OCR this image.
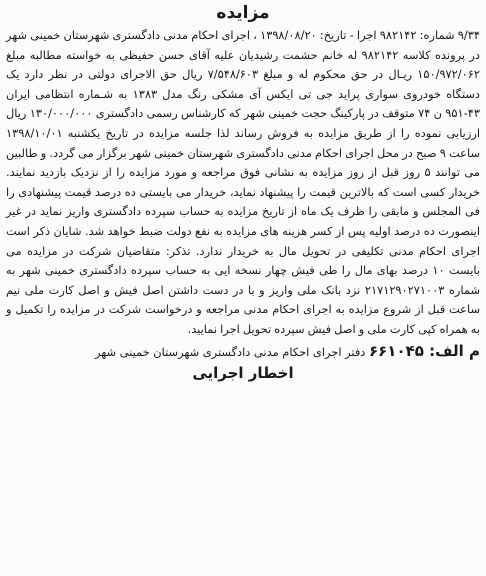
مزایده

۹/۳۴ شماره: ۹۸۲۱۴۲ اجرا - تاریخ: ۱۳۹۸/۰۸/۲۰ ، اجرای احکام مدنی دادگستری شهرستان خمینی شهر در پرونده کلاسه ۹۸۲۱۴۲ له خانم حشمت رشیدیان علیه آقای حسن حفیظی به خواسته مطالبه مبلغ ۱۵۰/۹۷۲/۰۶۲ ریـال در حق محکوم له و مبلغ ۷/۵۴۸/۶۰۳ ریال حق الاجرای دولتی در نظر دارد یک دستگاه خودروی سواری پراید جی تی ایکس آی مشکی رنگ مدل ۱۳۸۳ به شـماره انتظامی ایران ۴۳-۹۵۱ ن ۷۴ متوقف در پارکینگ حجت خمینی شهر که کارشناس رسمی دادگستری ۱۳۰/۰۰۰/۰۰۰ ریال ارزیابی نموده را از طریق مزایده به فروش رساند لذا جلسه مزایده در تاریخ یکشنبه ۱۳۹۸/۱۰/۰۱ ساعت ۹ صبح در محل اجرای احکام مدنی دادگستری شهرستان خمینی شهر برگزار می گردد. و طالبین می توانند ۵ روز قبل از روز مزایده به نشانی فوق مراجعه و مورد مزایده را از نزدیک بازدید نمایند. خریدار کسی است که بالاترین قیمت را پیشنهاد نماید، خریدار می بایستی ده درصد قیمت پیشنهادی را فی المجلس و مابقی را ظرف یک ماه از تاریخ مزایده به حساب سپرده دادگستری واریز نماید در غیر اینصورت ده درصد اولیه پس از کسر هزینه های مزایده به نفع دولت ضبط خواهد شد. شایان ذکر است اجرای احکام مدنی تکلیفی در تحویل مال به خریدار ندارد. تذکر: متقاضیان شرکت در مزایده می بایست ۱۰ درصد بهای مال را طی فیش چهار نسخه ایی به حساب سپرده دادگستری خمینی شهر به شماره ۲۱۷۱۲۹۰۲۷۱۰۰۳ نزد بانک ملی واریز و با در دست داشتن اصل فیش و اصل کارت ملی نیم ساعت قبل از شروع مزایده به اجرای احکام مدنی مراجعه و درخواست شرکت در مزایده را تکمیل و به همراه کپی کارت ملی و اصل فیش سپرده تحویل اجرا نمایید.

م الف: ۶۶۱۰۴۵ دفتر اجرای احکام مدنی دادگستری شهرستان خمینی شهر
اخطار اجرایی
